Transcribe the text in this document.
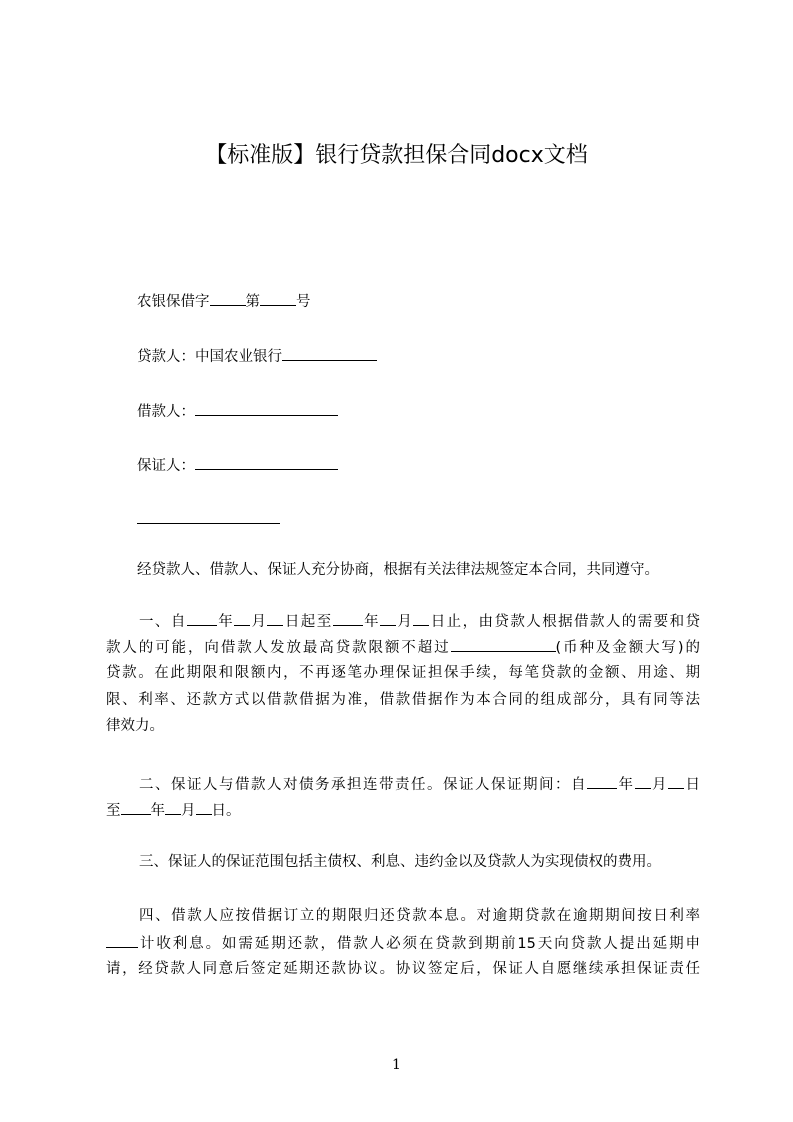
【标准版】银行贷款担保合同docx文档
农银保借字 第 号
贷款人：中国农业银行
借款人：
保证人：
经贷款人、借款人、保证人充分协商，根据有关法律法规签定本合同，共同遵守。
一、自 年 月 日起至 年 月 日止，由贷款人根据借款人的需要和贷
款人的可能，向借款人发放最高贷款限额不超过	(币种及金额大写)的
贷款。在此期限和限额内，不再逐笔办理保证担保手续，每笔贷款的金额、用途、期
限、利率、还款方式以借款借据为准，借款借据作为本合同的组成部分，具有同等法
律效力。
二、保证人与借款人对债务承担连带责任。保证人保证期间：自 年 月 日
至 年 月 日。
三、保证人的保证范围包括主债权、利息、违约金以及贷款人为实现债权的费用。
四、借款人应按借据订立的期限归还贷款本息。对逾期贷款在逾期期间按日利率
计收利息。如需延期还款，借款人必须在贷款到期前15天向贷款人提出延期申
请，经贷款人同意后签定延期还款协议。协议签定后，保证人自愿继续承担保证责任
1
